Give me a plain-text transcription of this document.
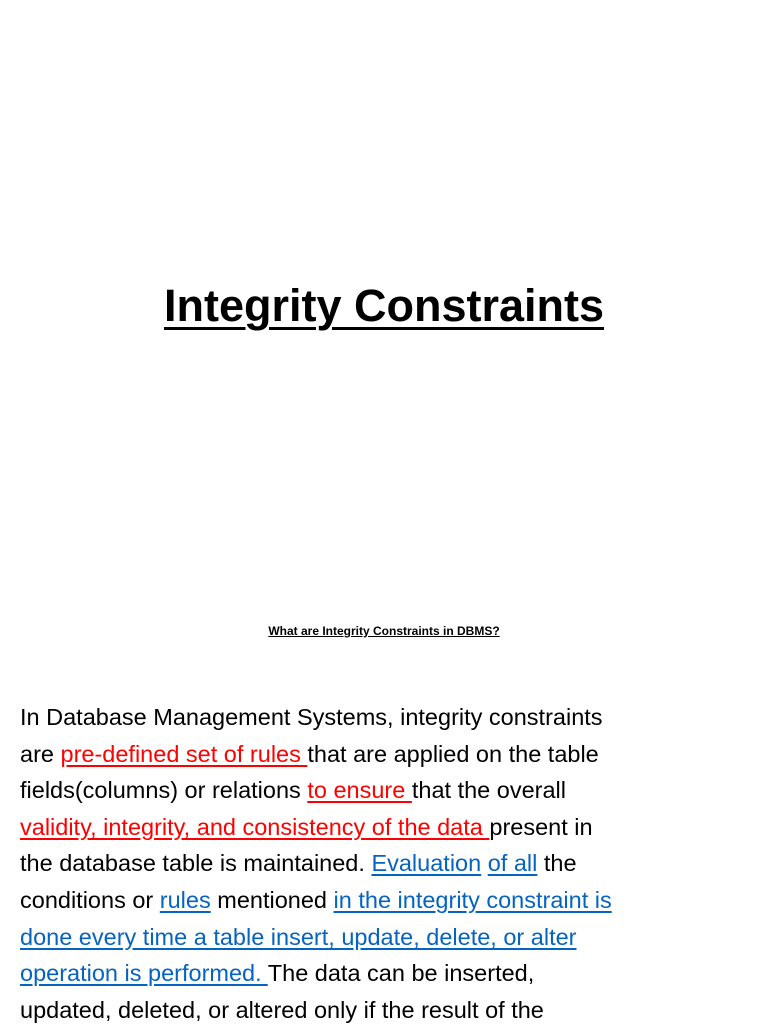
Integrity Constraints
What are Integrity Constraints in DBMS?
In Database Management Systems, integrity constraints
are pre-defined set of rules that are applied on the table
fields(columns) or relations to ensure that the overall
validity, integrity, and consistency of the data present in
the database table is maintained. Evaluation of all the
conditions or rules mentioned in the integrity constraint is
done every time a table insert, update, delete, or alter
operation is performed. The data can be inserted,
updated, deleted, or altered only if the result of the
